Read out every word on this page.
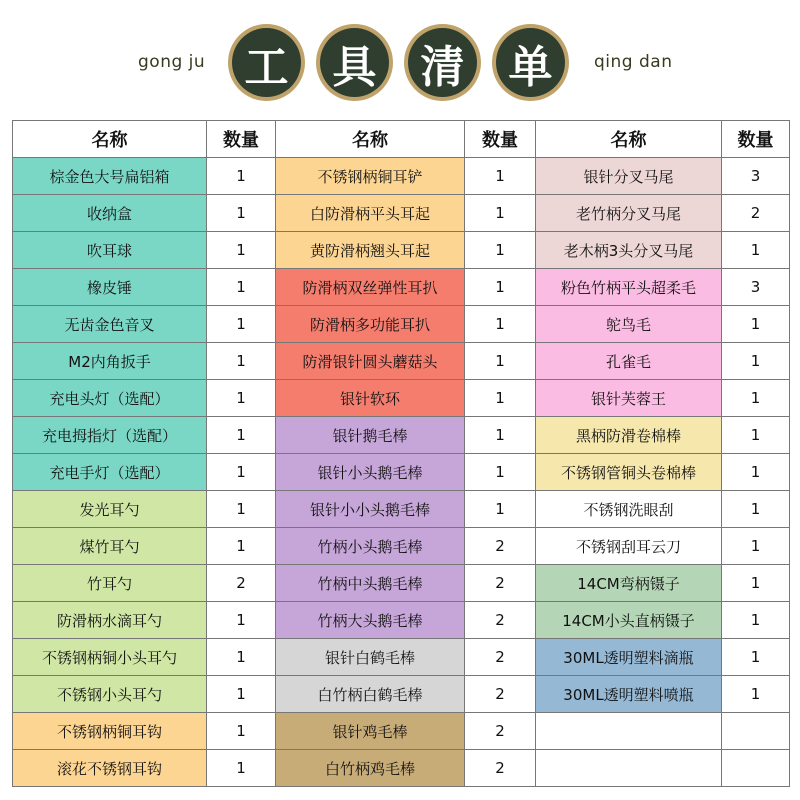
gong ju 工 具 清 单	qing dan
名称	数量	名称	数量	名称	数量
棕金色大号扁铝箱	1	不锈钢柄铜耳铲	1	银针分叉马尾	3
收纳盒	1	白防滑柄平头耳起	1	老竹柄分叉马尾	2
吹耳球	1	黄防滑柄翘头耳起	1	老木柄3头分叉马尾	1
橡皮锤	1	防滑柄双丝弹性耳扒	1	粉色竹柄平头超柔毛	3
无齿金色音叉	1	防滑柄多功能耳扒	1	鸵鸟毛	1
M2内角扳手	1	防滑银针圆头蘑菇头	1	孔雀毛	1
充电头灯（选配）	1	银针软环	1	银针芙蓉王	1
充电拇指灯（选配）	1	银针鹅毛棒	1	黑柄防滑卷棉棒	1
充电手灯（选配）	1	银针小头鹅毛棒	1	不锈钢管铜头卷棉棒	1
发光耳勺	1	银针小小头鹅毛棒	1	不锈钢洗眼刮	1
煤竹耳勺	1	竹柄小头鹅毛棒	2	不锈钢刮耳云刀	1
竹耳勺	2	竹柄中头鹅毛棒	2	14CM弯柄镊子	1
防滑柄水滴耳勺	1	竹柄大头鹅毛棒	2	14CM小头直柄镊子	1
不锈钢柄铜小头耳勺	1	银针白鹤毛棒	2	30ML透明塑料滴瓶	1
不锈钢小头耳勺	1	白竹柄白鹤毛棒	2	30ML透明塑料喷瓶	1
不锈钢柄铜耳钩	1	银针鸡毛棒	2		
滚花不锈钢耳钩	1	白竹柄鸡毛棒	2		
